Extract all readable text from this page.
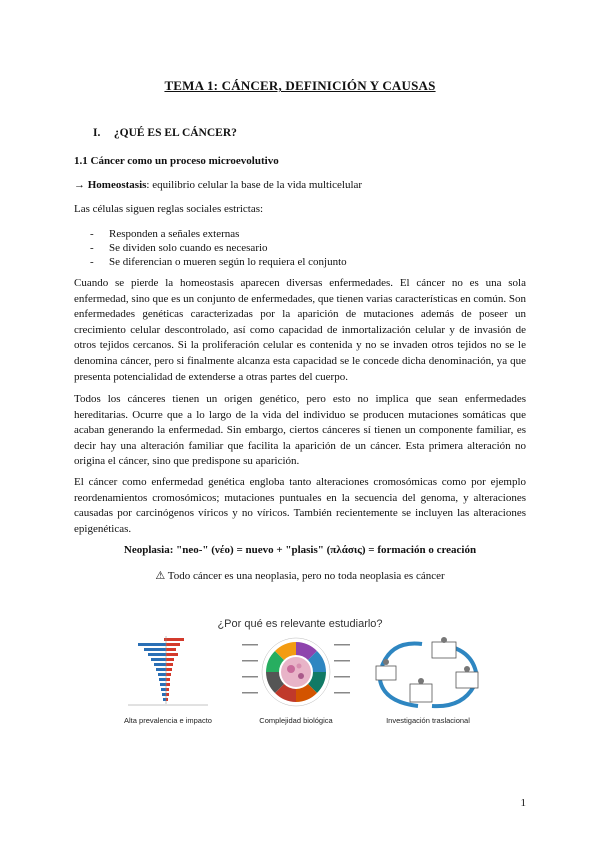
TEMA 1: CÁNCER, DEFINICIÓN Y CAUSAS
I. ¿QUÉ ES EL CÁNCER?
1.1 Cáncer como un proceso microevolutivo
→ Homeostasis: equilibrio celular la base de la vida multicelular
Las células siguen reglas sociales estrictas:
- Responden a señales externas
- Se dividen solo cuando es necesario
- Se diferencian o mueren según lo requiera el conjunto

Cuando se pierde la homeostasis aparecen diversas enfermedades. El cáncer no es una sola enfermedad, sino que es un conjunto de enfermedades, que tienen varias características en común. Son enfermedades genéticas caracterizadas por la aparición de mutaciones además de poseer un crecimiento celular descontrolado, así como capacidad de inmortalización celular y de invasión de otros tejidos cercanos. Si la proliferación celular es contenida y no se invaden otros tejidos no se le denomina cáncer, pero si finalmente alcanza esta capacidad se le concede dicha denominación, ya que presenta potencialidad de extenderse a otras partes del cuerpo.

Todos los cánceres tienen un origen genético, pero esto no implica que sean enfermedades hereditarias. Ocurre que a lo largo de la vida del individuo se producen mutaciones somáticas que acaban generando la enfermedad. Sin embargo, ciertos cánceres sí tienen un componente familiar, es decir hay una alteración familiar que facilita la aparición de un cáncer. Esta primera alteración no origina el cáncer, sino que predispone su aparición.

El cáncer como enfermedad genética engloba tanto alteraciones cromosómicas como por ejemplo reordenamientos cromosómicos; mutaciones puntuales en la secuencia del genoma, y alteraciones causadas por carcinógenos víricos y no víricos. También recientemente se incluyen las alteraciones epigenéticas.

Neoplasia: "neo-" (νέο) = nuevo + "plasis" (πλάσις) = formación o creación
⚠ Todo cáncer es una neoplasia, pero no toda neoplasia es cáncer
¿Por qué es relevante estudiarlo?
Alta prevalencia e impacto	Complejidad biológica	Investigación traslacional
1
